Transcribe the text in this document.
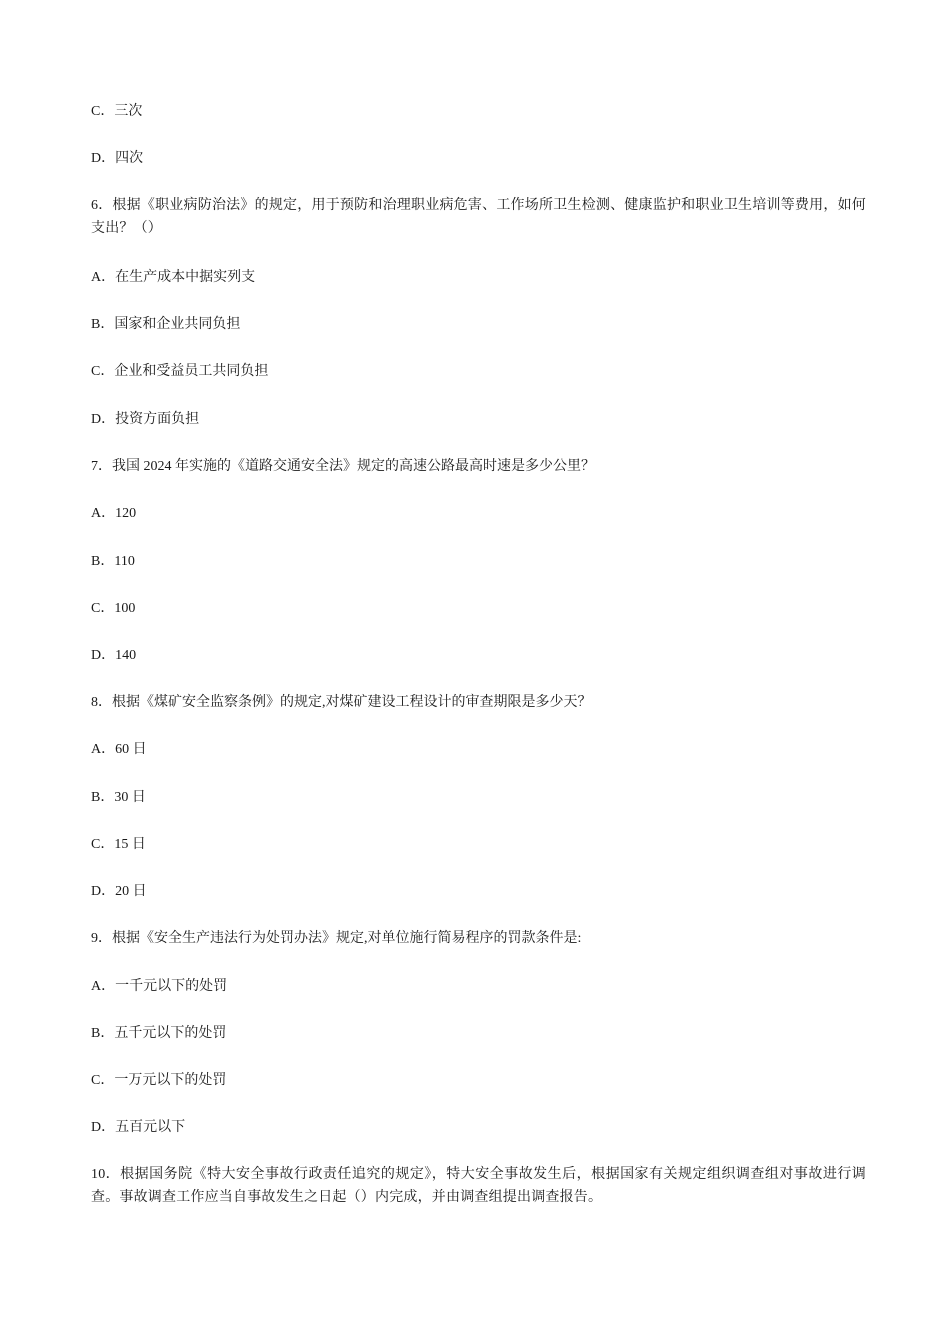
C．三次
D．四次
6．根据《职业病防治法》的规定，用于预防和治理职业病危害、工作场所卫生检测、健康监护和职业卫生培训等费用，如何支出？（）
A．在生产成本中据实列支
B．国家和企业共同负担
C．企业和受益员工共同负担
D．投资方面负担
7．我国 2024 年实施的《道路交通安全法》规定的高速公路最高时速是多少公里？
A．120
B．110
C．100
D．140
8．根据《煤矿安全监察条例》的规定,对煤矿建设工程设计的审查期限是多少天？
A．60 日
B．30 日
C．15 日
D．20 日
9．根据《安全生产违法行为处罚办法》规定,对单位施行简易程序的罚款条件是:
A．一千元以下的处罚
B．五千元以下的处罚
C．一万元以下的处罚
D．五百元以下
10．根据国务院《特大安全事故行政责任追究的规定》，特大安全事故发生后，根据国家有关规定组织调查组对事故进行调查。事故调查工作应当自事故发生之日起（）内完成，并由调查组提出调查报告。
